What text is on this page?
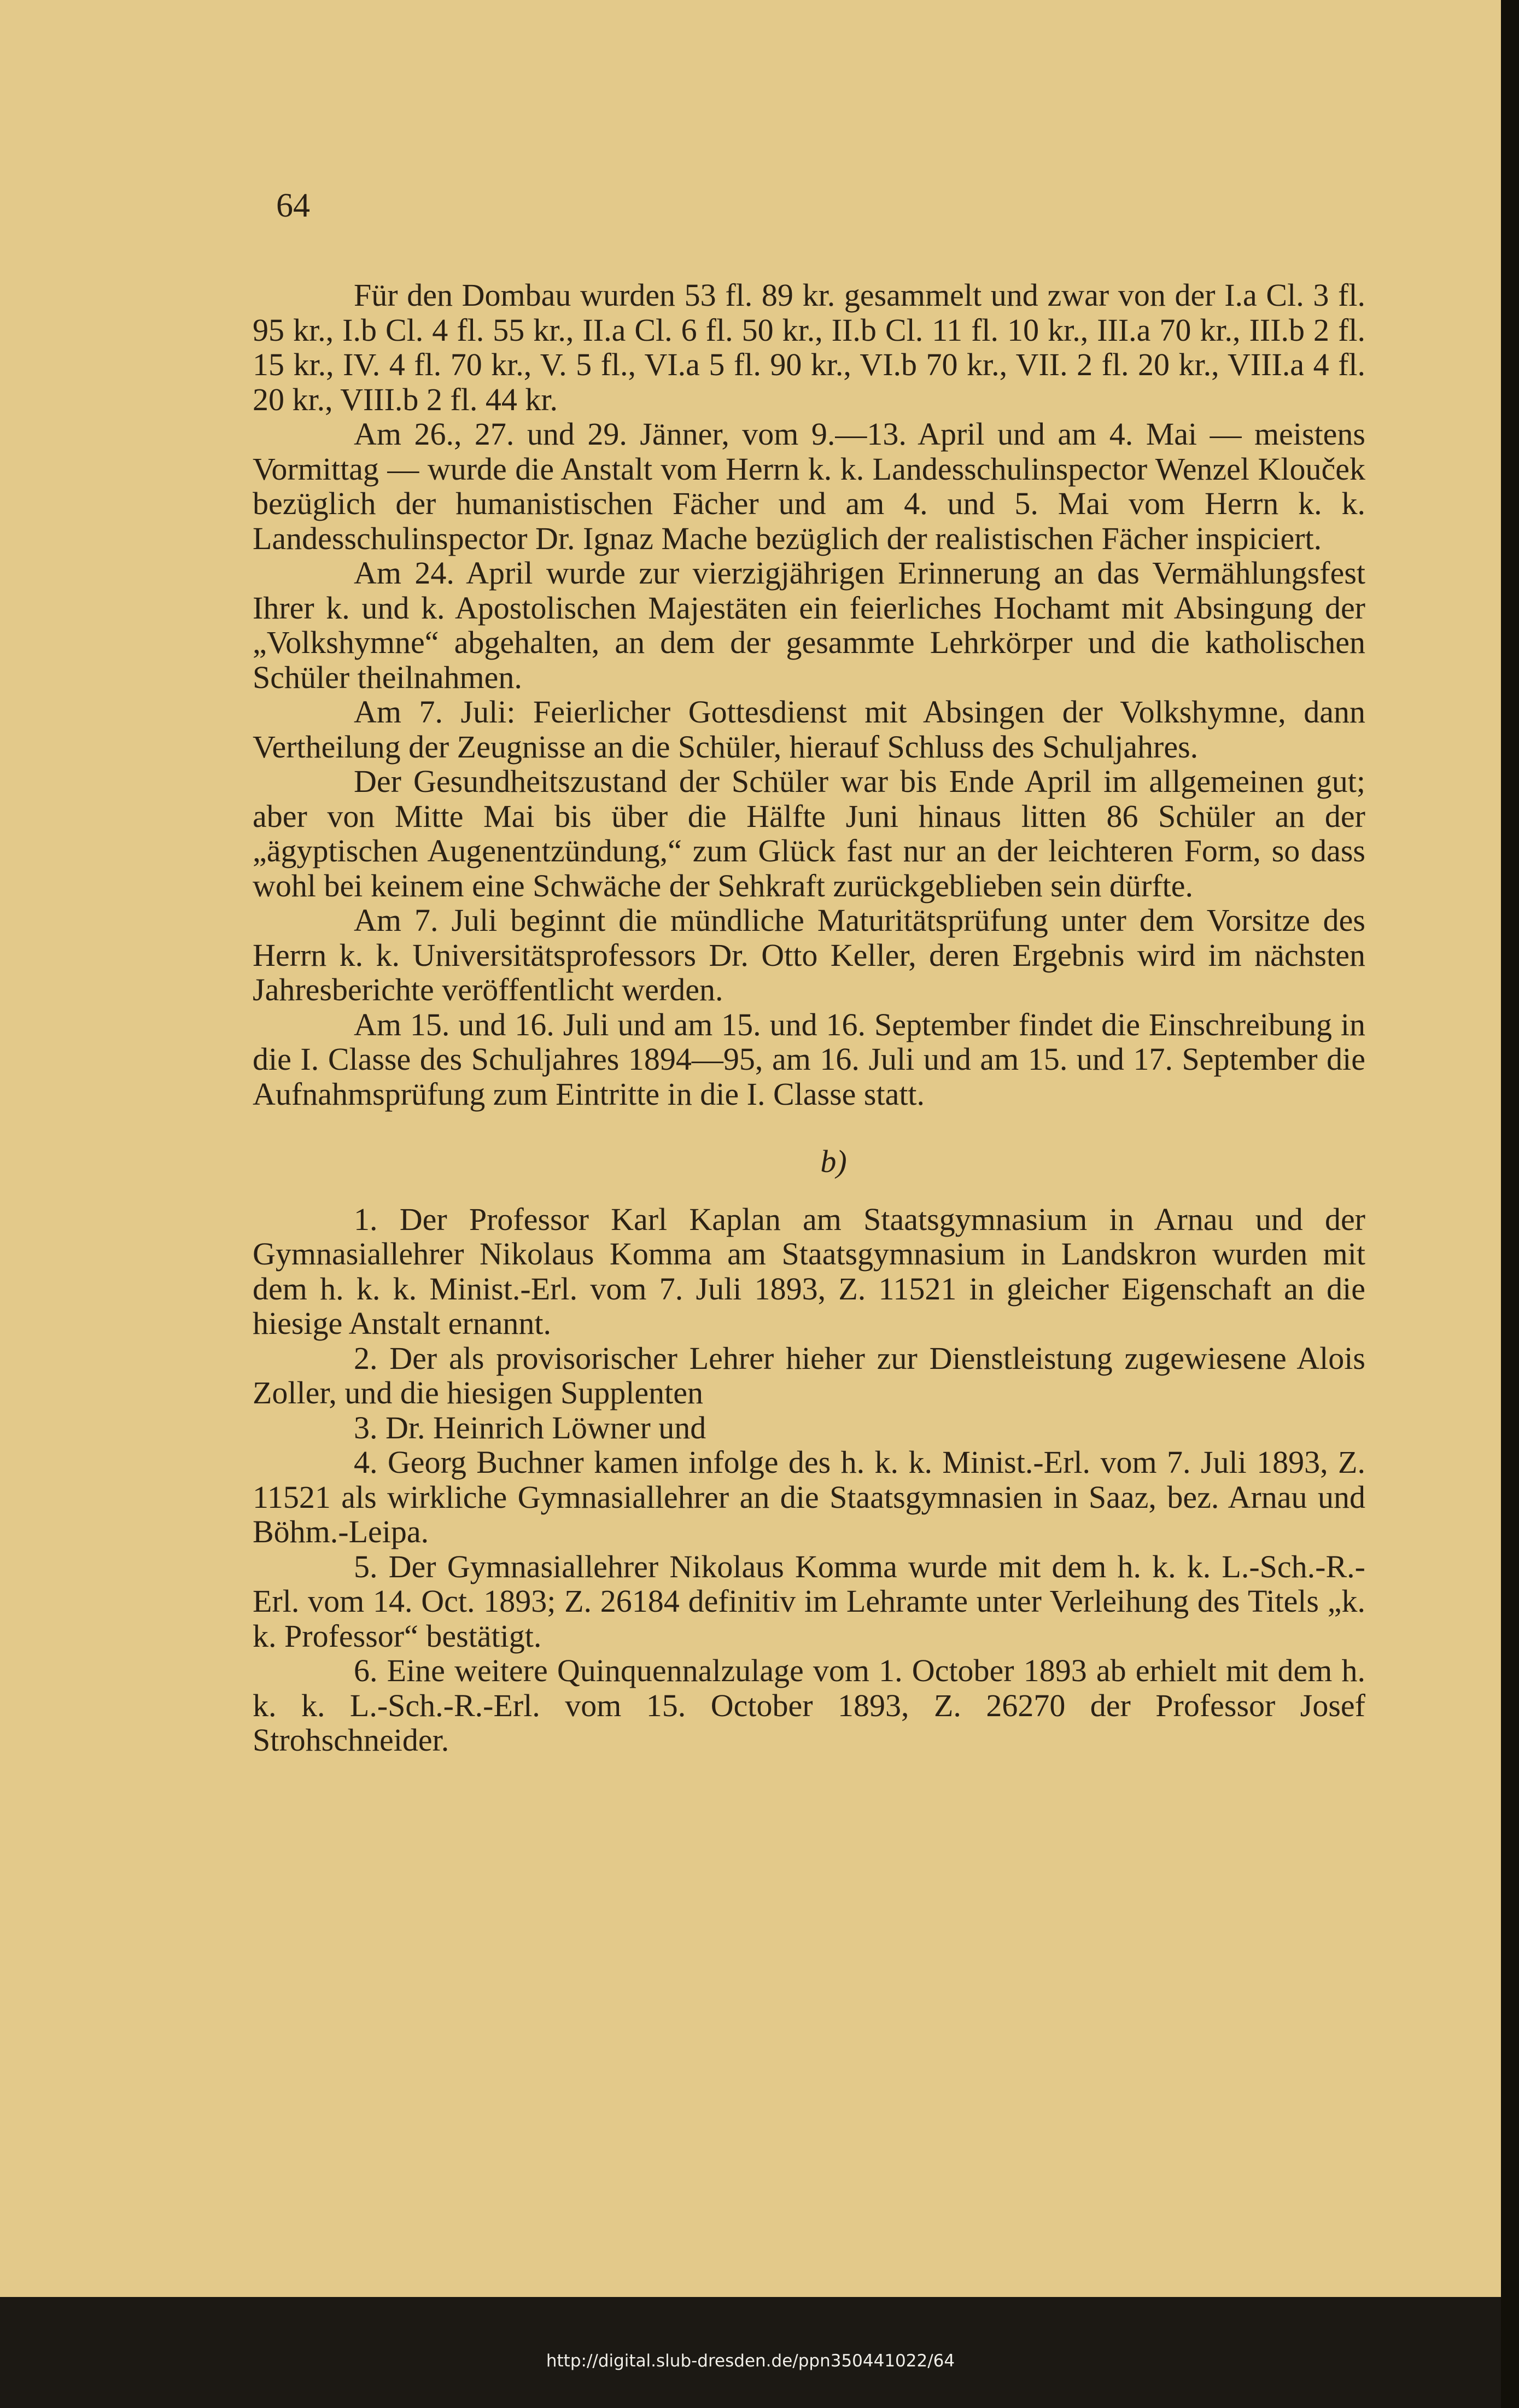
64

Für den Dombau wurden 53 fl. 89 kr. gesammelt und zwar von der I.a Cl. 3 fl. 95 kr., I.b Cl. 4 fl. 55 kr., II.a Cl. 6 fl. 50 kr., II.b Cl. 11 fl. 10 kr., III.a 70 kr., III.b 2 fl. 15 kr., IV. 4 fl. 70 kr., V. 5 fl., VI.a 5 fl. 90 kr., VI.b 70 kr., VII. 2 fl. 20 kr., VIII.a 4 fl. 20 kr., VIII.b 2 fl. 44 kr.

Am 26., 27. und 29. Jänner, vom 9.—13. April und am 4. Mai — meistens Vormittag — wurde die Anstalt vom Herrn k. k. Landesschulinspector Wenzel Klouček bezüglich der humanistischen Fächer und am 4. und 5. Mai vom Herrn k. k. Landesschulinspector Dr. Ignaz Mache bezüglich der realistischen Fächer inspiciert.

Am 24. April wurde zur vierzigjährigen Erinnerung an das Vermählungsfest Ihrer k. und k. Apostolischen Majestäten ein feierliches Hochamt mit Absingung der „Volkshymne“ abgehalten, an dem der gesammte Lehrkörper und die katholischen Schüler theilnahmen.

Am 7. Juli: Feierlicher Gottesdienst mit Absingen der Volkshymne, dann Vertheilung der Zeugnisse an die Schüler, hierauf Schluss des Schuljahres.

Der Gesundheitszustand der Schüler war bis Ende April im allgemeinen gut; aber von Mitte Mai bis über die Hälfte Juni hinaus litten 86 Schüler an der „ägyptischen Augenentzündung,“ zum Glück fast nur an der leichteren Form, so dass wohl bei keinem eine Schwäche der Sehkraft zurückgeblieben sein dürfte.

Am 7. Juli beginnt die mündliche Maturitätsprüfung unter dem Vorsitze des Herrn k. k. Universitätsprofessors Dr. Otto Keller, deren Ergebnis wird im nächsten Jahresberichte veröffentlicht werden.

Am 15. und 16. Juli und am 15. und 16. September findet die Einschreibung in die I. Classe des Schuljahres 1894—95, am 16. Juli und am 15. und 17. September die Aufnahmsprüfung zum Eintritte in die I. Classe statt.

b)

1. Der Professor Karl Kaplan am Staatsgymnasium in Arnau und der Gymnasiallehrer Nikolaus Komma am Staatsgymnasium in Landskron wurden mit dem h. k. k. Minist.-Erl. vom 7. Juli 1893, Z. 11521 in gleicher Eigenschaft an die hiesige Anstalt ernannt.

2. Der als provisorischer Lehrer hieher zur Dienstleistung zugewiesene Alois Zoller, und die hiesigen Supplenten

3. Dr. Heinrich Löwner und

4. Georg Buchner kamen infolge des h. k. k. Minist.-Erl. vom 7. Juli 1893, Z. 11521 als wirkliche Gymnasiallehrer an die Staatsgymnasien in Saaz, bez. Arnau und Böhm.-Leipa.

5. Der Gymnasiallehrer Nikolaus Komma wurde mit dem h. k. k. L.-Sch.-R.-Erl. vom 14. Oct. 1893; Z. 26184 definitiv im Lehramte unter Verleihung des Titels „k. k. Professor“ bestätigt.

6. Eine weitere Quinquennalzulage vom 1. October 1893 ab erhielt mit dem h. k. k. L.-Sch.-R.-Erl. vom 15. October 1893, Z. 26270 der Professor Josef Strohschneider.

http://digital.slub-dresden.de/ppn350441022/64
